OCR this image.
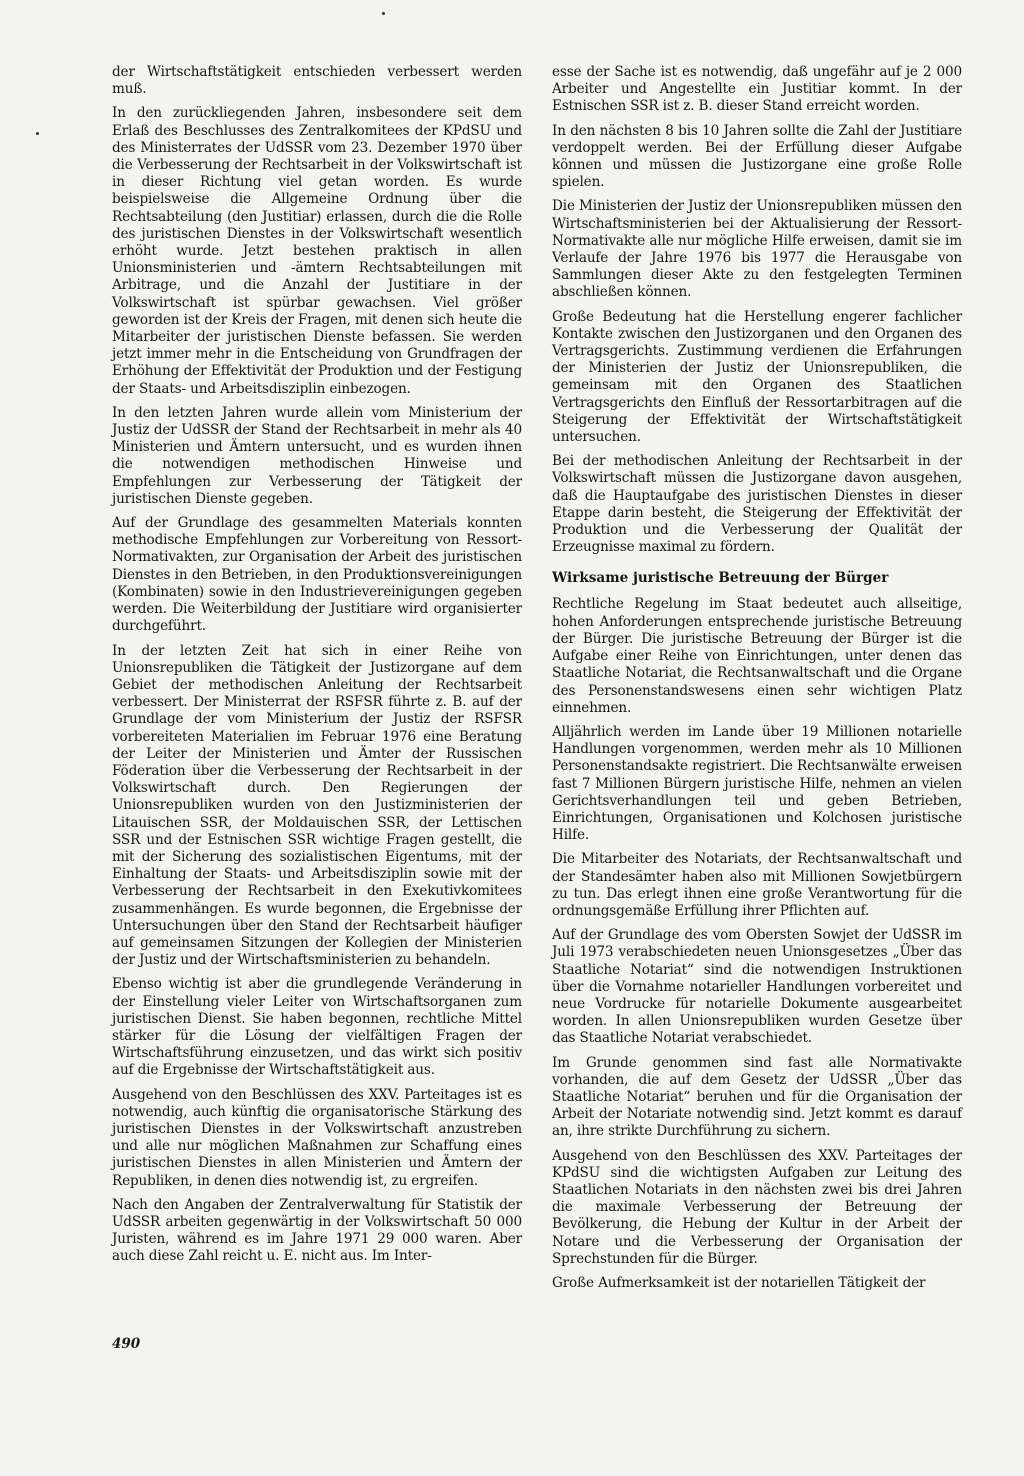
der Wirtschaftstätigkeit entschieden verbessert werden muß.

In den zurückliegenden Jahren, insbesondere seit dem Erlaß des Beschlusses des Zentralkomitees der KPdSU und des Ministerrates der UdSSR vom 23. Dezember 1970 über die Verbesserung der Rechtsarbeit in der Volkswirtschaft ist in dieser Richtung viel getan worden. Es wurde beispielsweise die Allgemeine Ordnung über die Rechtsabteilung (den Justitiar) erlassen, durch die die Rolle des juristischen Dienstes in der Volkswirtschaft wesentlich erhöht wurde. Jetzt bestehen praktisch in allen Unionsministerien und -ämtern Rechtsabteilungen mit Arbitrage, und die Anzahl der Justitiare in der Volkswirtschaft ist spürbar gewachsen. Viel größer geworden ist der Kreis der Fragen, mit denen sich heute die Mitarbeiter der juristischen Dienste befassen. Sie werden jetzt immer mehr in die Entscheidung von Grundfragen der Erhöhung der Effektivität der Produktion und der Festigung der Staats- und Arbeitsdisziplin einbezogen.

In den letzten Jahren wurde allein vom Ministerium der Justiz der UdSSR der Stand der Rechtsarbeit in mehr als 40 Ministerien und Ämtern untersucht, und es wurden ihnen die notwendigen methodischen Hinweise und Empfehlungen zur Verbesserung der Tätigkeit der juristischen Dienste gegeben.

Auf der Grundlage des gesammelten Materials konnten methodische Empfehlungen zur Vorbereitung von Ressort-Normativakten, zur Organisation der Arbeit des juristischen Dienstes in den Betrieben, in den Produktionsvereinigungen (Kombinaten) sowie in den Industrievereinigungen gegeben werden. Die Weiterbildung der Justitiare wird organisierter durchgeführt.

In der letzten Zeit hat sich in einer Reihe von Unionsrepubliken die Tätigkeit der Justizorgane auf dem Gebiet der methodischen Anleitung der Rechtsarbeit verbessert. Der Ministerrat der RSFSR führte z. B. auf der Grundlage der vom Ministerium der Justiz der RSFSR vorbereiteten Materialien im Februar 1976 eine Beratung der Leiter der Ministerien und Ämter der Russischen Föderation über die Verbesserung der Rechtsarbeit in der Volkswirtschaft durch. Den Regierungen der Unionsrepubliken wurden von den Justizministerien der Litauischen SSR, der Moldauischen SSR, der Lettischen SSR und der Estnischen SSR wichtige Fragen gestellt, die mit der Sicherung des sozialistischen Eigentums, mit der Einhaltung der Staats- und Arbeitsdisziplin sowie mit der Verbesserung der Rechtsarbeit in den Exekutivkomitees zusammenhängen. Es wurde begonnen, die Ergebnisse der Untersuchungen über den Stand der Rechtsarbeit häufiger auf gemeinsamen Sitzungen der Kollegien der Ministerien der Justiz und der Wirtschaftsministerien zu behandeln.

Ebenso wichtig ist aber die grundlegende Veränderung in der Einstellung vieler Leiter von Wirtschaftsorganen zum juristischen Dienst. Sie haben begonnen, rechtliche Mittel stärker für die Lösung der vielfältigen Fragen der Wirtschaftsführung einzusetzen, und das wirkt sich positiv auf die Ergebnisse der Wirtschaftstätigkeit aus.

Ausgehend von den Beschlüssen des XXV. Parteitages ist es notwendig, auch künftig die organisatorische Stärkung des juristischen Dienstes in der Volkswirtschaft anzustreben und alle nur möglichen Maßnahmen zur Schaffung eines juristischen Dienstes in allen Ministerien und Ämtern der Republiken, in denen dies notwendig ist, zu ergreifen.

Nach den Angaben der Zentralverwaltung für Statistik der UdSSR arbeiten gegenwärtig in der Volkswirtschaft 50 000 Juristen, während es im Jahre 1971 29 000 waren. Aber auch diese Zahl reicht u. E. nicht aus. Im Inter-

esse der Sache ist es notwendig, daß ungefähr auf je 2 000 Arbeiter und Angestellte ein Justitiar kommt. In der Estnischen SSR ist z. B. dieser Stand erreicht worden.

In den nächsten 8 bis 10 Jahren sollte die Zahl der Justitiare verdoppelt werden. Bei der Erfüllung dieser Aufgabe können und müssen die Justizorgane eine große Rolle spielen.

Die Ministerien der Justiz der Unionsrepubliken müssen den Wirtschaftsministerien bei der Aktualisierung der Ressort-Normativakte alle nur mögliche Hilfe erweisen, damit sie im Verlaufe der Jahre 1976 bis 1977 die Herausgabe von Sammlungen dieser Akte zu den festgelegten Terminen abschließen können.

Große Bedeutung hat die Herstellung engerer fachlicher Kontakte zwischen den Justizorganen und den Organen des Vertragsgerichts. Zustimmung verdienen die Erfahrungen der Ministerien der Justiz der Unionsrepubliken, die gemeinsam mit den Organen des Staatlichen Vertragsgerichts den Einfluß der Ressortarbitragen auf die Steigerung der Effektivität der Wirtschaftstätigkeit untersuchen.

Bei der methodischen Anleitung der Rechtsarbeit in der Volkswirtschaft müssen die Justizorgane davon ausgehen, daß die Hauptaufgabe des juristischen Dienstes in dieser Etappe darin besteht, die Steigerung der Effektivität der Produktion und die Verbesserung der Qualität der Erzeugnisse maximal zu fördern.

Wirksame juristische Betreuung der Bürger

Rechtliche Regelung im Staat bedeutet auch allseitige, hohen Anforderungen entsprechende juristische Betreuung der Bürger. Die juristische Betreuung der Bürger ist die Aufgabe einer Reihe von Einrichtungen, unter denen das Staatliche Notariat, die Rechtsanwaltschaft und die Organe des Personenstandswesens einen sehr wichtigen Platz einnehmen.

Alljährlich werden im Lande über 19 Millionen notarielle Handlungen vorgenommen, werden mehr als 10 Millionen Personenstandsakte registriert. Die Rechtsanwälte erweisen fast 7 Millionen Bürgern juristische Hilfe, nehmen an vielen Gerichtsverhandlungen teil und geben Betrieben, Einrichtungen, Organisationen und Kolchosen juristische Hilfe.

Die Mitarbeiter des Notariats, der Rechtsanwaltschaft und der Standesämter haben also mit Millionen Sowjetbürgern zu tun. Das erlegt ihnen eine große Verantwortung für die ordnungsgemäße Erfüllung ihrer Pflichten auf.

Auf der Grundlage des vom Obersten Sowjet der UdSSR im Juli 1973 verabschiedeten neuen Unionsgesetzes „Über das Staatliche Notariat“ sind die notwendigen Instruktionen über die Vornahme notarieller Handlungen vorbereitet und neue Vordrucke für notarielle Dokumente ausgearbeitet worden. In allen Unionsrepubliken wurden Gesetze über das Staatliche Notariat verabschiedet.

Im Grunde genommen sind fast alle Normativakte vorhanden, die auf dem Gesetz der UdSSR „Über das Staatliche Notariat“ beruhen und für die Organisation der Arbeit der Notariate notwendig sind. Jetzt kommt es darauf an, ihre strikte Durchführung zu sichern.

Ausgehend von den Beschlüssen des XXV. Parteitages der KPdSU sind die wichtigsten Aufgaben zur Leitung des Staatlichen Notariats in den nächsten zwei bis drei Jahren die maximale Verbesserung der Betreuung der Bevölkerung, die Hebung der Kultur in der Arbeit der Notare und die Verbesserung der Organisation der Sprechstunden für die Bürger.

Große Aufmerksamkeit ist der notariellen Tätigkeit der

490
